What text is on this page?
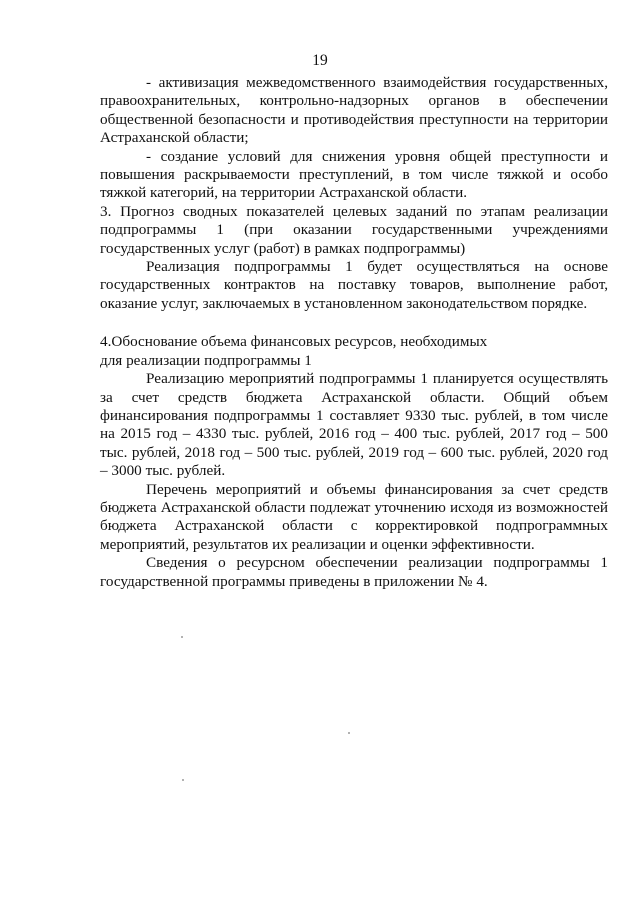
19

- активизация межведомственного взаимодействия государственных, правоохранительных, контрольно-надзорных органов в обеспечении общественной безопасности и противодействия преступности на территории Астраханской области;

- создание условий для снижения уровня общей преступности и повышения раскрываемости преступлений, в том числе тяжкой и особо тяжкой категорий, на территории Астраханской области.

3. Прогноз сводных показателей целевых заданий по этапам реализации подпрограммы 1 (при оказании государственными учреждениями государственных услуг (работ) в рамках подпрограммы)

Реализация подпрограммы 1 будет осуществляться на основе государственных контрактов на поставку товаров, выполнение работ, оказание услуг, заключаемых в установленном законодательством порядке.

4.Обоснование объема финансовых ресурсов, необходимых

для реализации подпрограммы 1

Реализацию мероприятий подпрограммы 1 планируется осуществлять за счет средств бюджета Астраханской области. Общий объем финансирования подпрограммы 1 составляет 9330 тыс. рублей, в том числе на 2015 год – 4330 тыс. рублей, 2016 год – 400 тыс. рублей, 2017 год – 500 тыс. рублей, 2018 год – 500 тыс. рублей, 2019 год – 600 тыс. рублей, 2020 год – 3000 тыс. рублей.

Перечень мероприятий и объемы финансирования за счет средств бюджета Астраханской области подлежат уточнению исходя из возможностей бюджета Астраханской области с корректировкой подпрограммных мероприятий, результатов их реализации и оценки эффективности.

Сведения о ресурсном обеспечении реализации подпрограммы 1 государственной программы приведены в приложении № 4.
